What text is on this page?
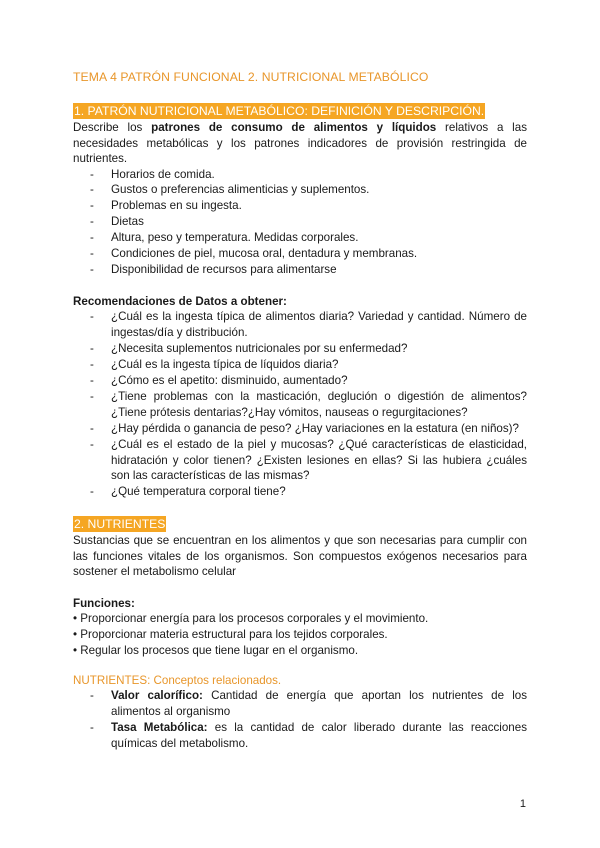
TEMA 4 PATRÓN FUNCIONAL 2. NUTRICIONAL METABÓLICO
1. PATRÓN NUTRICIONAL METABÓLICO: DEFINICIÓN Y DESCRIPCIÓN.

Describe los patrones de consumo de alimentos y líquidos relativos a las necesidades metabólicas y los patrones indicadores de provisión restringida de nutrientes.

- Horarios de comida.
- Gustos o preferencias alimenticias y suplementos.
- Problemas en su ingesta.
- Dietas
- Altura, peso y temperatura. Medidas corporales.
- Condiciones de piel, mucosa oral, dentadura y membranas.
- Disponibilidad de recursos para alimentarse

Recomendaciones de Datos a obtener:

- ¿Cuál es la ingesta típica de alimentos diaria? Variedad y cantidad. Número de ingestas/día y distribución.
- ¿Necesita suplementos nutricionales por su enfermedad?
- ¿Cuál es la ingesta típica de líquidos diaria?
- ¿Cómo es el apetito: disminuido, aumentado?
- ¿Tiene problemas con la masticación, deglución o digestión de alimentos? ¿Tiene prótesis dentarias?¿Hay vómitos, nauseas o regurgitaciones?
- ¿Hay pérdida o ganancia de peso? ¿Hay variaciones en la estatura (en niños)?
- ¿Cuál es el estado de la piel y mucosas? ¿Qué características de elasticidad, hidratación y color tienen? ¿Existen lesiones en ellas? Si las hubiera ¿cuáles son las características de las mismas?
- ¿Qué temperatura corporal tiene?
2. NUTRIENTES

Sustancias que se encuentran en los alimentos y que son necesarias para cumplir con las funciones vitales de los organismos. Son compuestos exógenos necesarios para sostener el metabolismo celular

Funciones:

• Proporcionar energía para los procesos corporales y el movimiento.
• Proporcionar materia estructural para los tejidos corporales.
• Regular los procesos que tiene lugar en el organismo.

NUTRIENTES: Conceptos relacionados.

- Valor calorífico: Cantidad de energía que aportan los nutrientes de los alimentos al organismo
- Tasa Metabólica: es la cantidad de calor liberado durante las reacciones químicas del metabolismo.
1
